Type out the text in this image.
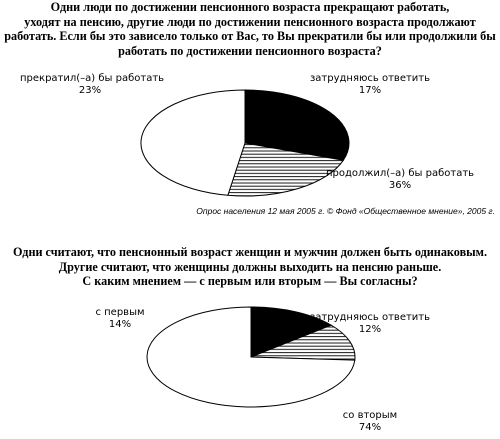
Одни люди по достижении пенсионного возраста прекращают работать,
уходят на пенсию, другие люди по достижении пенсионного возраста продолжают
работать. Если бы это зависело только от Вас, то Вы прекратили бы или продолжили бы
работать по достижении пенсионного возраста?
прекратил(–а) бы работать
23%
затрудняюсь ответить
17%
продолжил(–а) бы работать
36%
Опрос населения 12 мая 2005 г. © Фонд «Общественное мнение», 2005 г.
Одни считают, что пенсионный возраст женщин и мужчин должен быть одинаковым.
Другие считают, что женщины должны выходить на пенсию раньше.
С каким мнением — с первым или вторым — Вы согласны?
с первым
14%
затрудняюсь ответить
12%
со вторым
74%
